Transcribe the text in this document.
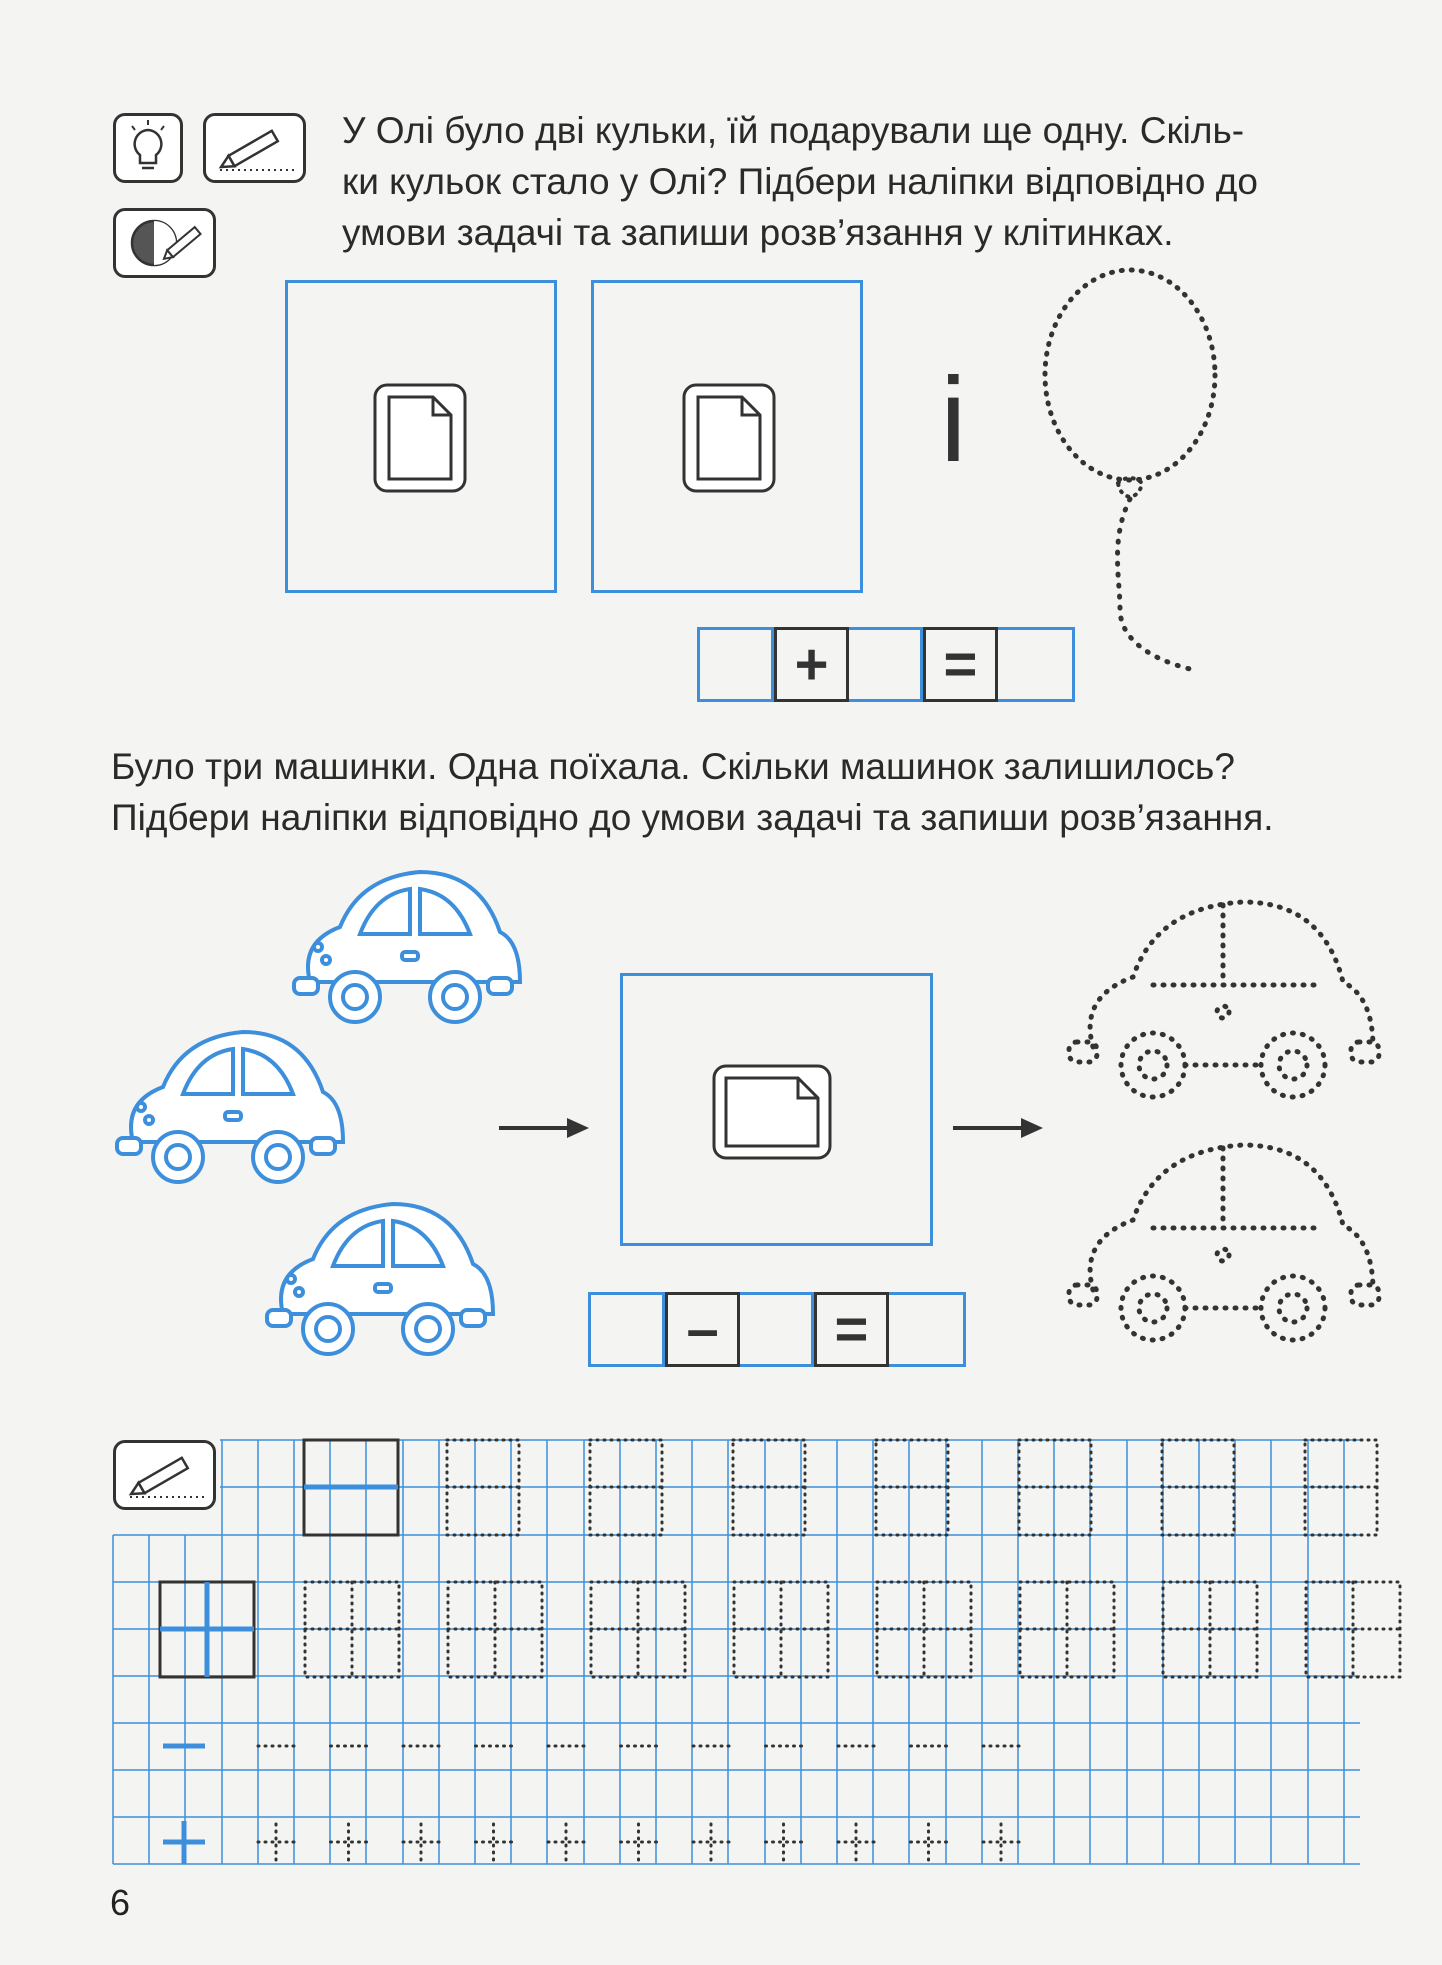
У Олі було дві кульки, їй подарували ще одну. Скіль-
ки кульок стало у Олі? Підбери наліпки відповідно до
умови задачі та запиши розв’язання у клітинках.
і
+	=
Було три машинки. Одна поїхала. Скільки машинок залишилось?
Підбери наліпки відповідно до умови задачі та запиши розв’язання.
–	=
6
